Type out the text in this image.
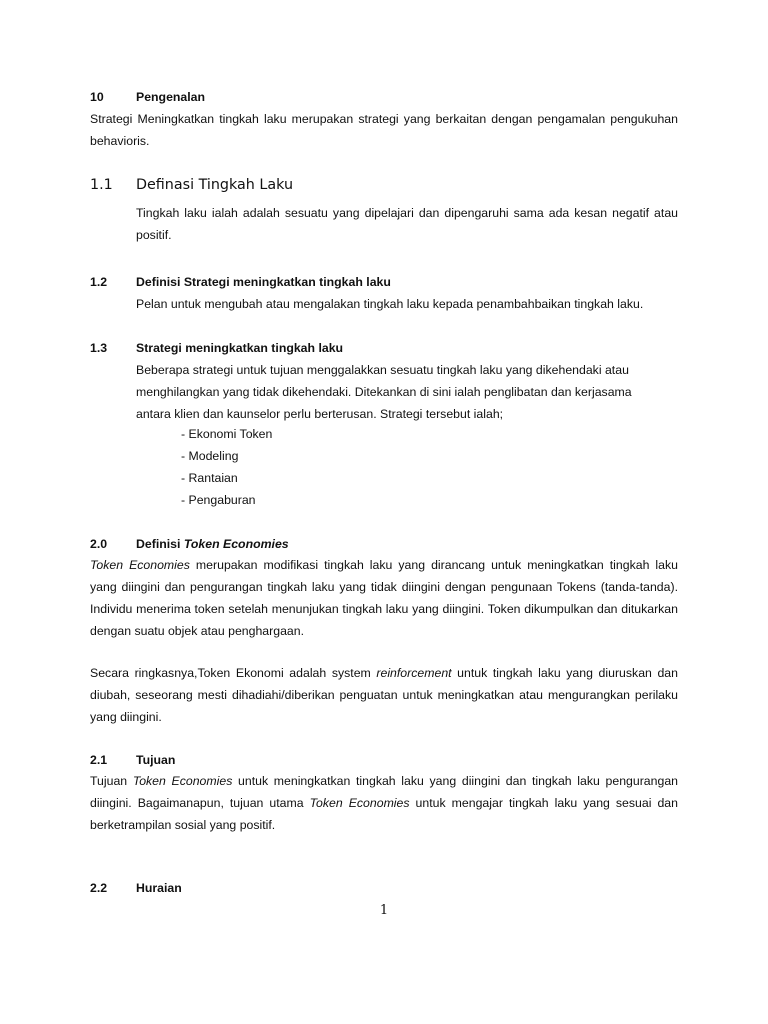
10	Pengenalan

Strategi Meningkatkan tingkah laku merupakan strategi yang berkaitan dengan pengamalan pengukuhan behavioris.

1.1 Definasi Tingkah Laku

Tingkah laku ialah adalah sesuatu yang dipelajari dan dipengaruhi sama ada kesan negatif atau positif.

1.2 Definisi Strategi meningkatkan tingkah laku

Pelan untuk mengubah atau mengalakan tingkah laku kepada penambahbaikan tingkah laku.

1.3 Strategi meningkatkan tingkah laku
Beberapa strategi untuk tujuan menggalakkan sesuatu tingkah laku yang dikehendaki atau
menghilangkan yang tidak dikehendaki. Ditekankan di sini ialah penglibatan dan kerjasama
antara klien dan kaunselor perlu berterusan. Strategi tersebut ialah;
- Ekonomi Token
- Modeling
- Rantaian
- Pengaburan
2.0 Definisi Token Economies

Token Economies merupakan modifikasi tingkah laku yang dirancang untuk meningkatkan tingkah laku yang diingini dan pengurangan tingkah laku yang tidak diingini dengan pengunaan Tokens (tanda-tanda). Individu menerima token setelah menunjukan tingkah laku yang diingini. Token dikumpulkan dan ditukarkan dengan suatu objek atau penghargaan.

Secara ringkasnya,Token Ekonomi adalah system reinforcement untuk tingkah laku yang diuruskan dan diubah, seseorang mesti dihadiahi/diberikan penguatan untuk meningkatkan atau mengurangkan perilaku yang diingini.

2.1 Tujuan

Tujuan Token Economies untuk meningkatkan tingkah laku yang diingini dan tingkah laku pengurangan diingini. Bagaimanapun, tujuan utama Token Economies untuk mengajar tingkah laku yang sesuai dan berketrampilan sosial yang positif.

2.2 Huraian
1
